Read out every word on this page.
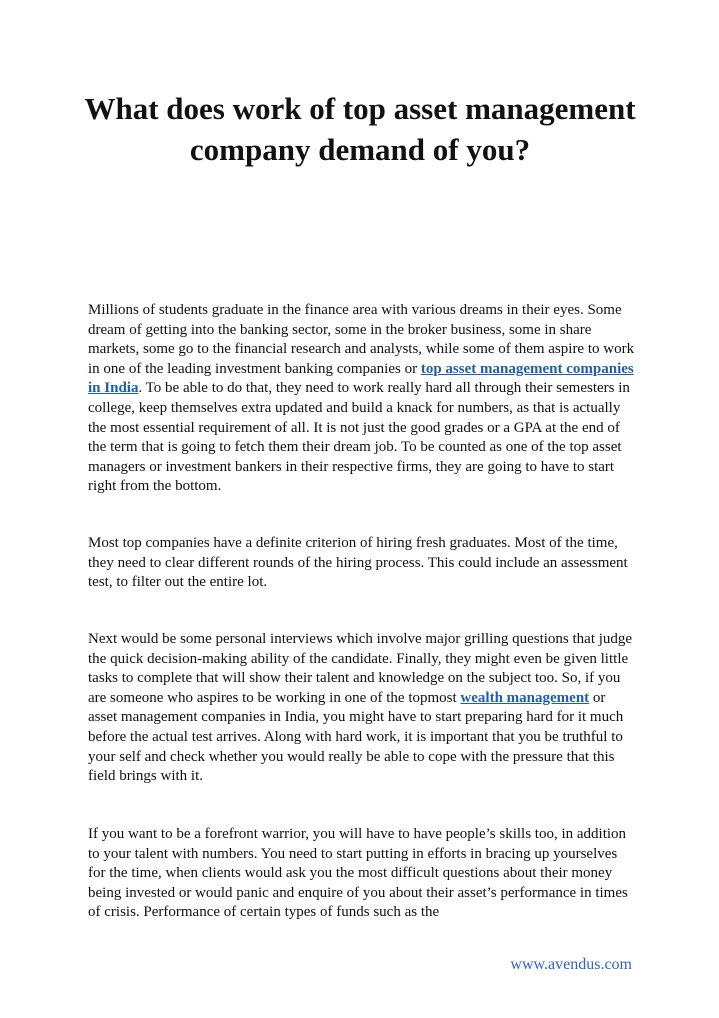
What does work of top asset management company demand of you?

Millions of students graduate in the finance area with various dreams in their eyes. Some dream of getting into the banking sector, some in the broker business, some in share markets, some go to the financial research and analysts, while some of them aspire to work in one of the leading investment banking companies or top asset management companies in India. To be able to do that, they need to work really hard all through their semesters in college, keep themselves extra updated and build a knack for numbers, as that is actually the most essential requirement of all. It is not just the good grades or a GPA at the end of the term that is going to fetch them their dream job. To be counted as one of the top asset managers or investment bankers in their respective firms, they are going to have to start right from the bottom.

Most top companies have a definite criterion of hiring fresh graduates. Most of the time, they need to clear different rounds of the hiring process. This could include an assessment test, to filter out the entire lot.

Next would be some personal interviews which involve major grilling questions that judge the quick decision-making ability of the candidate. Finally, they might even be given little tasks to complete that will show their talent and knowledge on the subject too. So, if you are someone who aspires to be working in one of the topmost wealth management or asset management companies in India, you might have to start preparing hard for it much before the actual test arrives. Along with hard work, it is important that you be truthful to your self and check whether you would really be able to cope with the pressure that this field brings with it.

If you want to be a forefront warrior, you will have to have people’s skills too, in addition to your talent with numbers. You need to start putting in efforts in bracing up yourselves for the time, when clients would ask you the most difficult questions about their money being invested or would panic and enquire of you about their asset’s performance in times of crisis. Performance of certain types of funds such as the

www.avendus.com
